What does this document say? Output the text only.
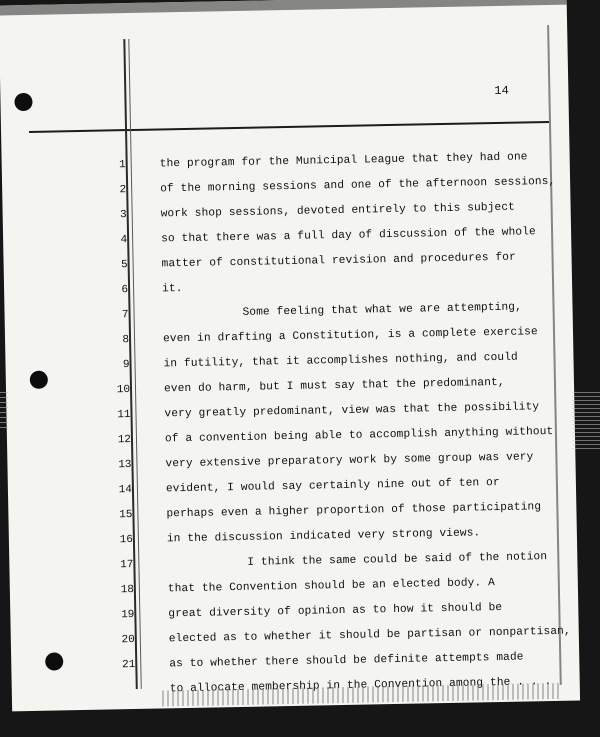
14
1
2
3
4
5
6
7
8
9
10
11
12
13
14
15
16
17
18
19
20
21
the program for the Municipal League that they had one
of the morning sessions and one of the afternoon sessions,
work shop sessions, devoted entirely to this subject
so that there was a full day of discussion of the whole
matter of constitutional revision and procedures for
it.
Some feeling that what we are attempting,
even in drafting a Constitution, is a complete exercise
in futility, that it accomplishes nothing, and could
even do harm, but I must say that the predominant,
very greatly predominant, view was that the possibility
of a convention being able to accomplish anything without
very extensive preparatory work by some group was very
evident, I would say certainly nine out of ten or
perhaps even a higher proportion of those participating
in the discussion indicated very strong views.
I think the same could be said of the notion
that the Convention should be an elected body. A
great diversity of opinion as to how it should be
elected as to whether it should be partisan or nonpartisan,
as to whether there should be definite attempts made
to allocate membership in the Convention among the . . .
